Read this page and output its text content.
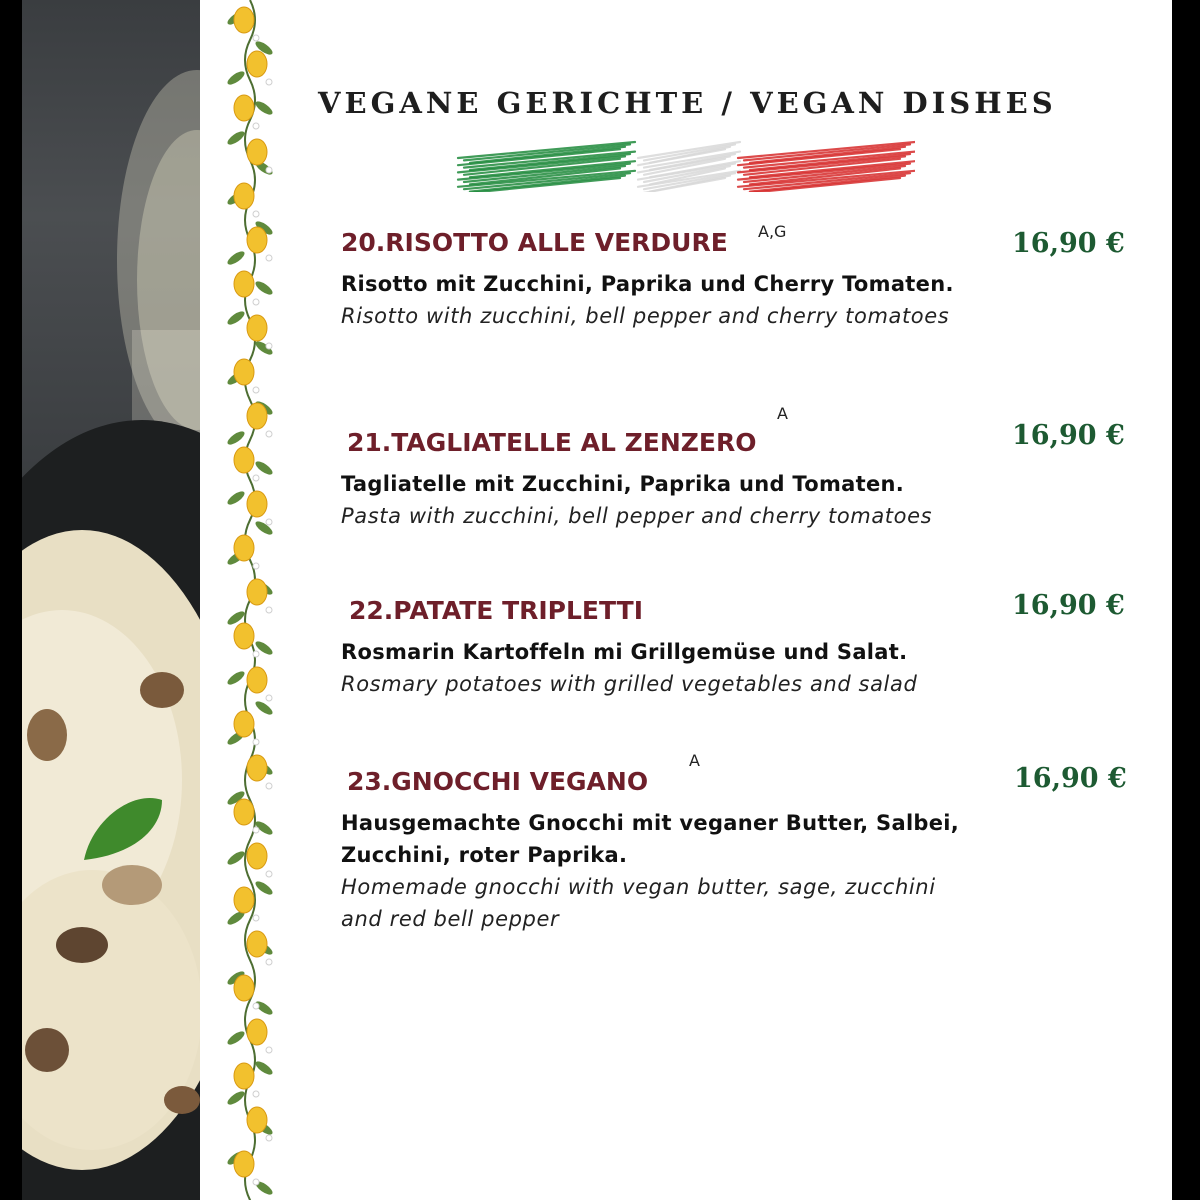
VEGANE GERICHTE / VEGAN DISHES
20.RISOTTO ALLE VERDURE A,G	16,90 €
Risotto mit Zucchini, Paprika und Cherry Tomaten.
Risotto with zucchini, bell pepper and cherry tomatoes
21.TAGLIATELLE AL ZENZERO
A
16,90 €
Tagliatelle mit Zucchini, Paprika und Tomaten.
Pasta with zucchini, bell pepper and cherry tomatoes
22.PATATE TRIPLETTI	16,90 €
Rosmarin Kartoffeln mi Grillgemüse und Salat.
Rosmary potatoes with grilled vegetables and salad
23.GNOCCHI VEGANO
A
16,90 €
Hausgemachte Gnocchi mit veganer Butter, Salbei, Zucchini, roter Paprika.
Homemade gnocchi with vegan butter, sage, zucchini and red bell pepper
